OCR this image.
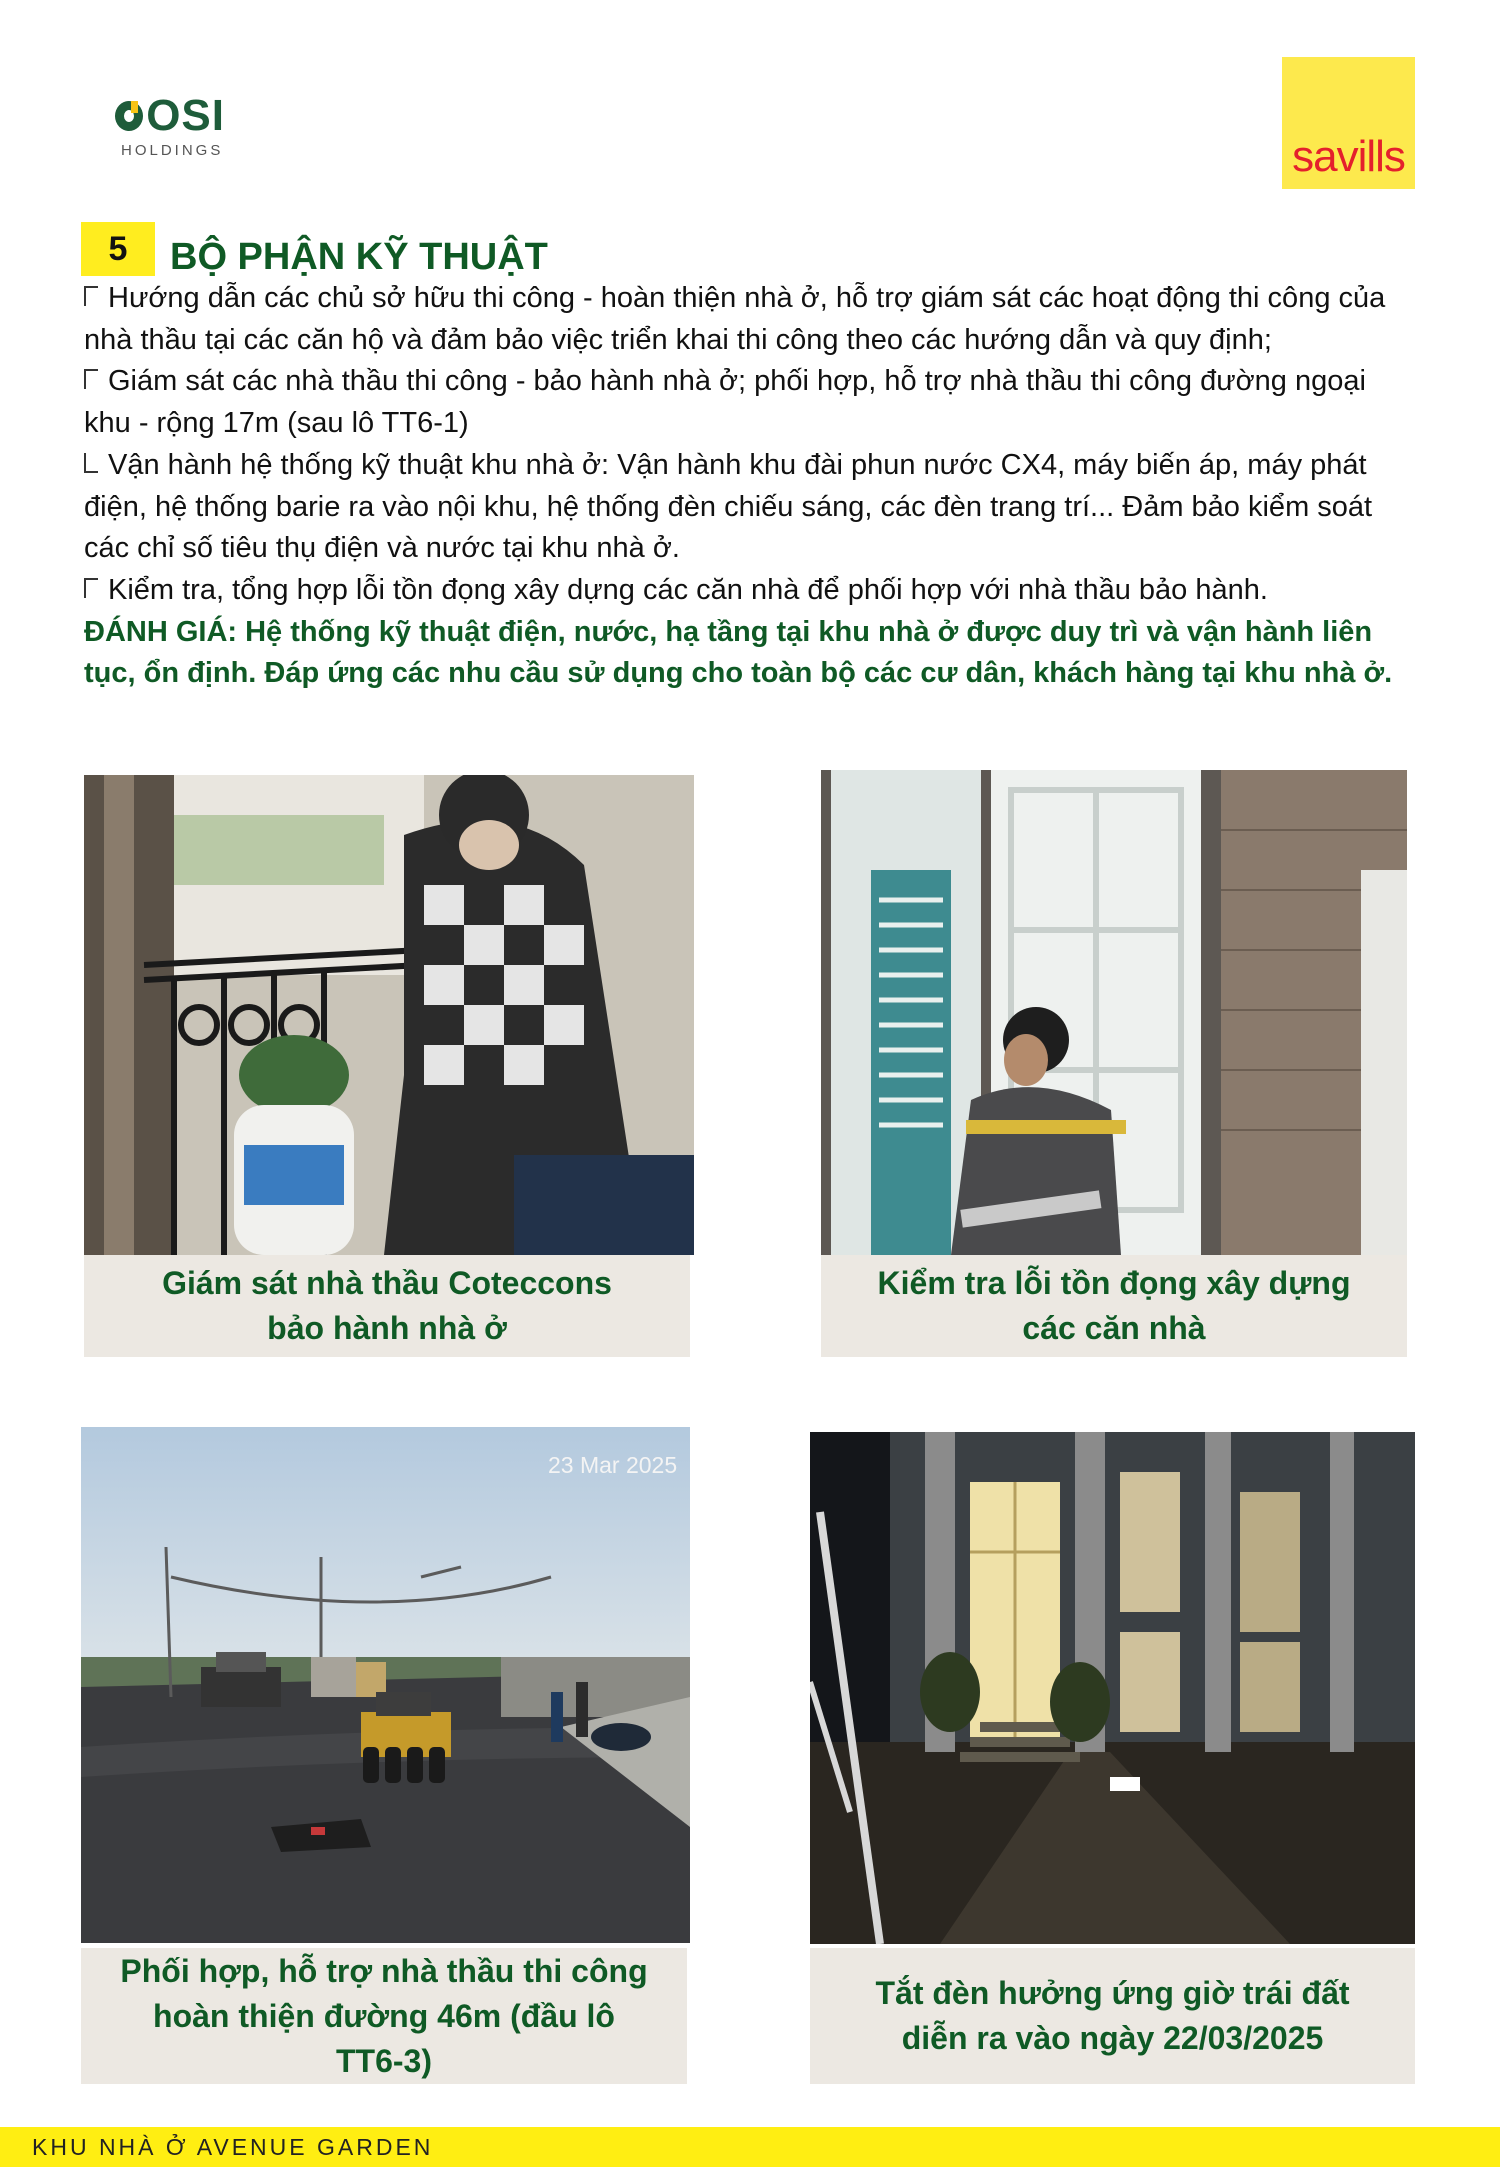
OSI
HOLDINGS	savills
5	BỘ PHẬN KỸ THUẬT

Hướng dẫn các chủ sở hữu thi công - hoàn thiện nhà ở, hỗ trợ giám sát các hoạt động thi công của nhà thầu tại các căn hộ và đảm bảo việc triển khai thi công theo các hướng dẫn và quy định;

Giám sát các nhà thầu thi công - bảo hành nhà ở; phối hợp, hỗ trợ nhà thầu thi công đường ngoại khu - rộng 17m (sau lô TT6-1)

Vận hành hệ thống kỹ thuật khu nhà ở: Vận hành khu đài phun nước CX4, máy biến áp, máy phát điện, hệ thống barie ra vào nội khu, hệ thống đèn chiếu sáng, các đèn trang trí... Đảm bảo kiểm soát các chỉ số tiêu thụ điện và nước tại khu nhà ở.

Kiểm tra, tổng hợp lỗi tồn đọng xây dựng các căn nhà để phối hợp với nhà thầu bảo hành.

ĐÁNH GIÁ: Hệ thống kỹ thuật điện, nước, hạ tầng tại khu nhà ở được duy trì và vận hành liên tục, ổn định. Đáp ứng các nhu cầu sử dụng cho toàn bộ các cư dân, khách hàng tại khu nhà ở.

Giám sát nhà thầu Coteccons
bảo hành nhà ở
Kiểm tra lỗi tồn đọng xây dựng
các căn nhà
23 Mar 2025
Phối hợp, hỗ trợ nhà thầu thi công
hoàn thiện đường 46m (đầu lô
TT6-3)
Tắt đèn hưởng ứng giờ trái đất
diễn ra vào ngày 22/03/2025
KHU NHÀ Ở AVENUE GARDEN
